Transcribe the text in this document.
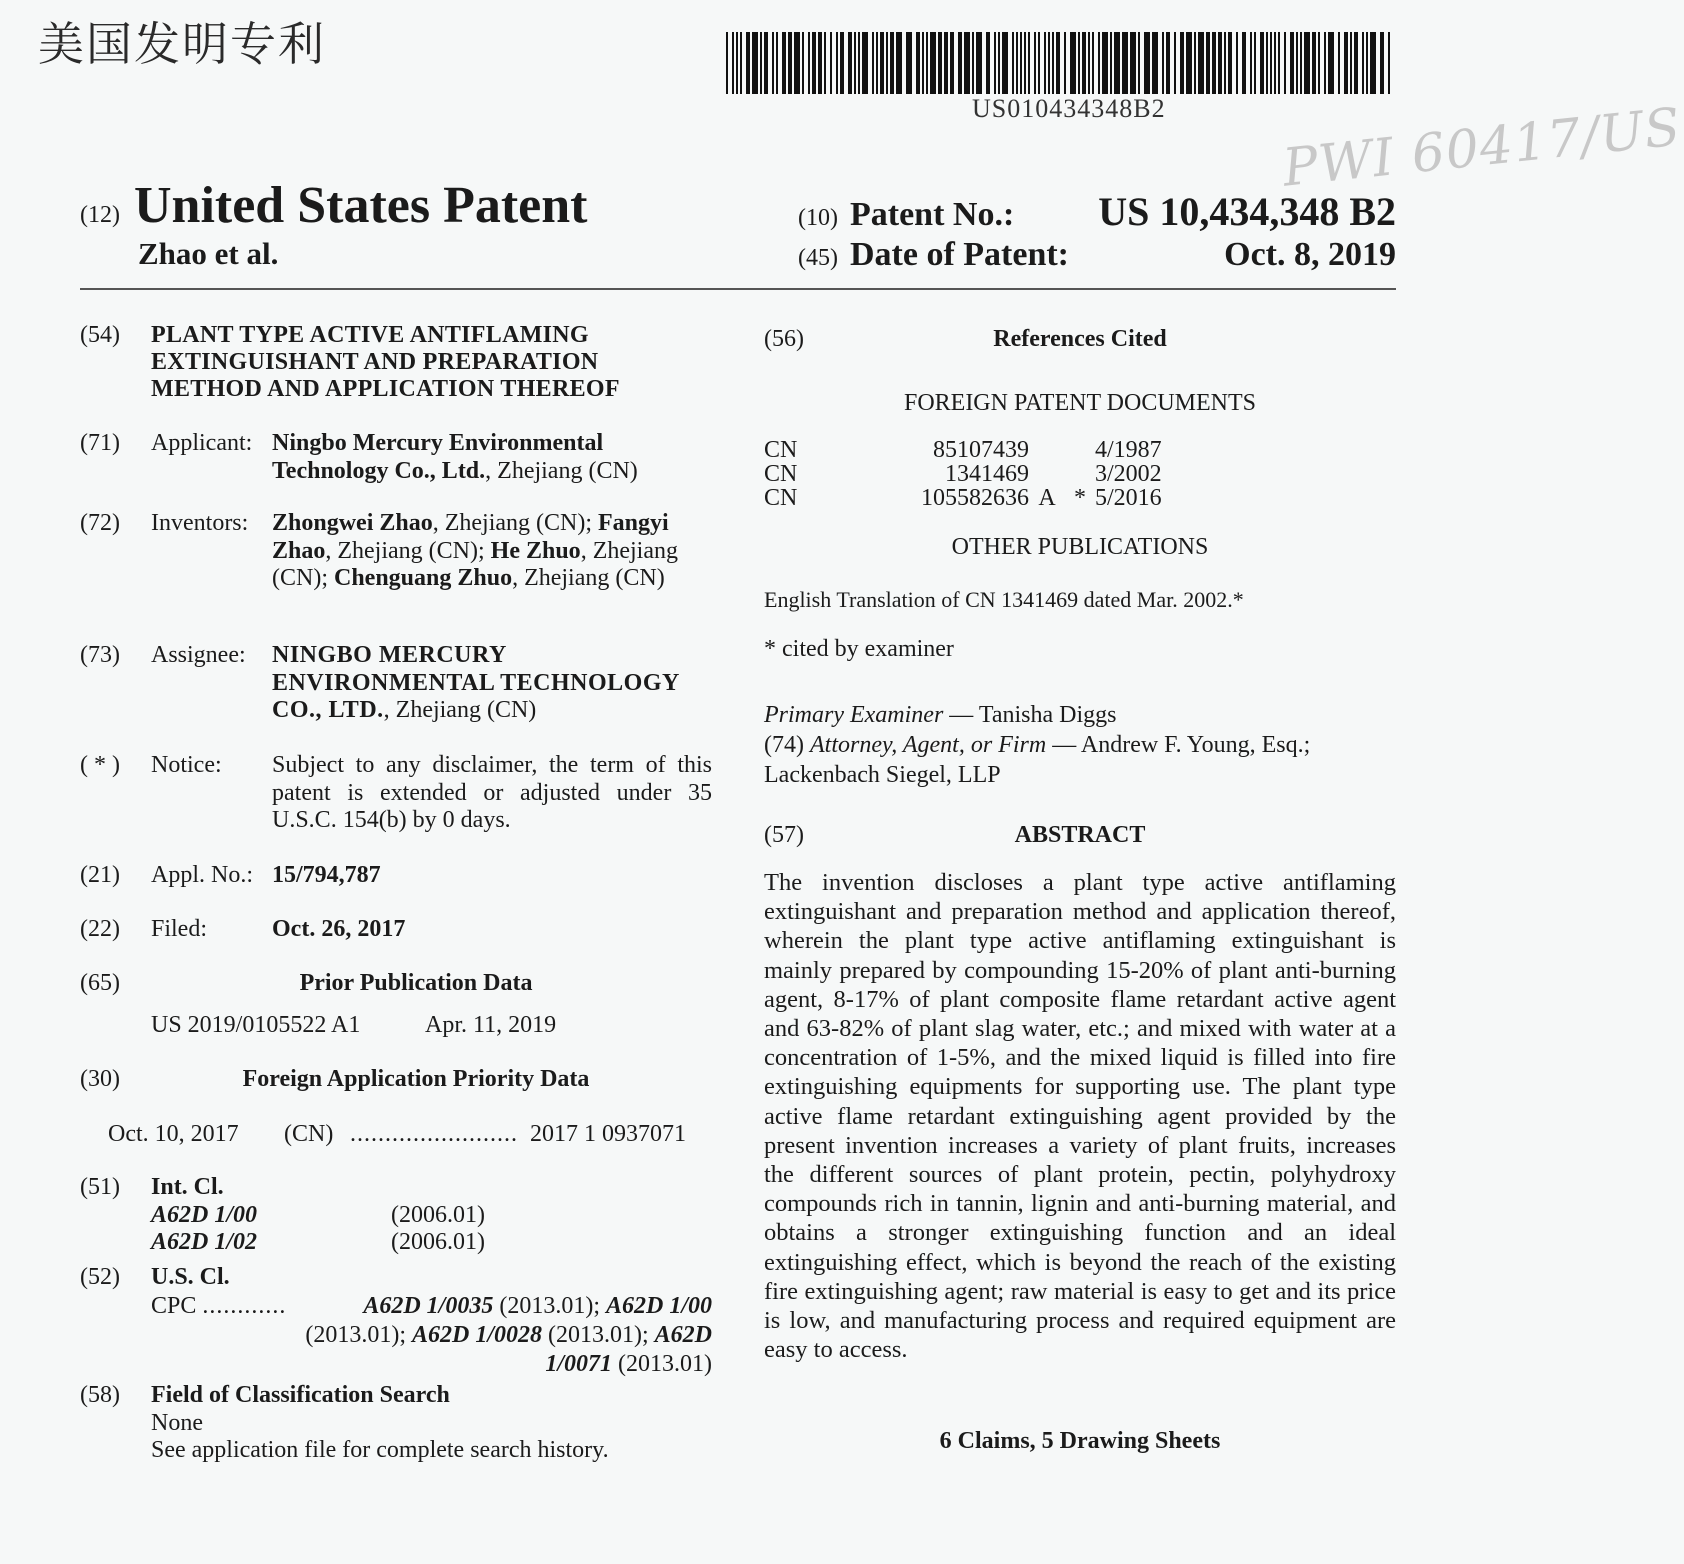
美国发明专利
US010434348B2 PWI 60417/US
(12) United States Patent
Zhao et al.
(10) Patent No.: US 10,434,348 B2
(45) Date of Patent:	Oct. 8, 2019
(54) PLANT TYPE ACTIVE ANTIFLAMING EXTINGUISHANT AND PREPARATION METHOD AND APPLICATION THEREOF
(71) Applicant: Ningbo Mercury Environmental Technology Co., Ltd., Zhejiang (CN)
(72) Inventors: Zhongwei Zhao, Zhejiang (CN); Fangyi Zhao, Zhejiang (CN); He Zhuo, Zhejiang (CN); Chenguang Zhuo, Zhejiang (CN)
(73) Assignee:	NINGBO MERCURY ENVIRONMENTAL TECHNOLOGY CO., LTD., Zhejiang (CN)
( * ) Notice:	Subject to any disclaimer, the term of this patent is extended or adjusted under 35 U.S.C. 154(b) by 0 days.
(21) Appl. No.: 15/794,787
(22) Filed:	Oct. 26, 2017
(65)	Prior Publication Data
US 2019/0105522 A1	Apr. 11, 2019
(30)	Foreign Application Priority Data
Oct. 10, 2017	(CN) ........................ 2017 1 0937071
(51) Int. Cl.
A62D 1/00	(2006.01)
A62D 1/02	(2006.01)
(52) U.S. Cl.
CPC ............	A62D 1/0035 (2013.01); A62D 1/00
(2013.01); A62D 1/0028 (2013.01); A62D
1/0071 (2013.01)
(58) Field of Classification Search
None
See application file for complete search history.
(56)	References Cited
FOREIGN PATENT DOCUMENTS
CN	85107439	4/1987
CN	1341469	3/2002
CN	105582636 A * 5/2016
OTHER PUBLICATIONS
English Translation of CN 1341469 dated Mar. 2002.*
* cited by examiner
Primary Examiner — Tanisha Diggs
(74) Attorney, Agent, or Firm — Andrew F. Young, Esq.; Lackenbach Siegel, LLP
(57)	ABSTRACT
The invention discloses a plant type active antiflaming extinguishant and preparation method and application thereof, wherein the plant type active antiflaming extinguishant is mainly prepared by compounding 15-20% of plant anti-burning agent, 8-17% of plant composite flame retardant active agent and 63-82% of plant slag water, etc.; and mixed with water at a concentration of 1-5%, and the mixed liquid is filled into fire extinguishing equipments for supporting use. The plant type active flame retardant extinguishing agent provided by the present invention increases a variety of plant fruits, increases the different sources of plant protein, pectin, polyhydroxy compounds rich in tannin, lignin and anti-burning material, and obtains a stronger extinguishing function and an ideal extinguishing effect, which is beyond the reach of the existing fire extinguishing agent; raw material is easy to get and its price is low, and manufacturing process and required equipment are easy to access.
6 Claims, 5 Drawing Sheets
